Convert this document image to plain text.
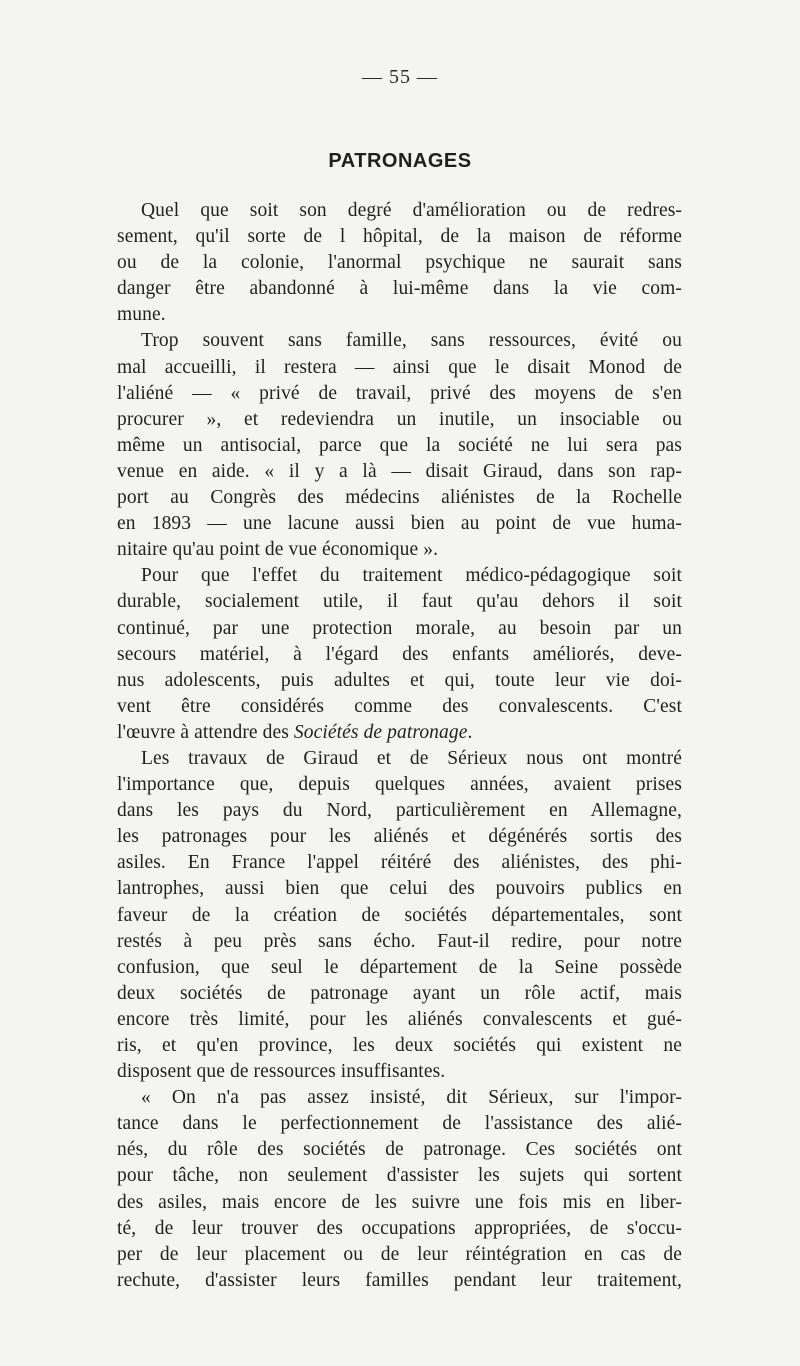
— 55 —
PATRONAGES
Quel que soit son degré d'amélioration ou de redres-
sement, qu'il sorte de l hôpital, de la maison de réforme
ou de la colonie, l'anormal psychique ne saurait sans
danger être abandonné à lui-même dans la vie com-
mune.
Trop souvent sans famille, sans ressources, évité ou
mal accueilli, il restera — ainsi que le disait Monod de
l'aliéné — « privé de travail, privé des moyens de s'en
procurer », et redeviendra un inutile, un insociable ou
même un antisocial, parce que la société ne lui sera pas
venue en aide. « il y a là — disait Giraud, dans son rap-
port au Congrès des médecins aliénistes de la Rochelle
en 1893 — une lacune aussi bien au point de vue huma-
nitaire qu'au point de vue économique ».
Pour que l'effet du traitement médico-pédagogique soit
durable, socialement utile, il faut qu'au dehors il soit
continué, par une protection morale, au besoin par un
secours matériel, à l'égard des enfants améliorés, deve-
nus adolescents, puis adultes et qui, toute leur vie doi-
vent être considérés comme des convalescents. C'est
l'œuvre à attendre des Sociétés de patronage.
Les travaux de Giraud et de Sérieux nous ont montré
l'importance que, depuis quelques années, avaient prises
dans les pays du Nord, particulièrement en Allemagne,
les patronages pour les aliénés et dégénérés sortis des
asiles. En France l'appel réitéré des aliénistes, des phi-
lantrophes, aussi bien que celui des pouvoirs publics en
faveur de la création de sociétés départementales, sont
restés à peu près sans écho. Faut-il redire, pour notre
confusion, que seul le département de la Seine possède
deux sociétés de patronage ayant un rôle actif, mais
encore très limité, pour les aliénés convalescents et gué-
ris, et qu'en province, les deux sociétés qui existent ne
disposent que de ressources insuffisantes.
« On n'a pas assez insisté, dit Sérieux, sur l'impor-
tance dans le perfectionnement de l'assistance des alié-
nés, du rôle des sociétés de patronage. Ces sociétés ont
pour tâche, non seulement d'assister les sujets qui sortent
des asiles, mais encore de les suivre une fois mis en liber-
té, de leur trouver des occupations appropriées, de s'occu-
per de leur placement ou de leur réintégration en cas de
rechute, d'assister leurs familles pendant leur traitement,
